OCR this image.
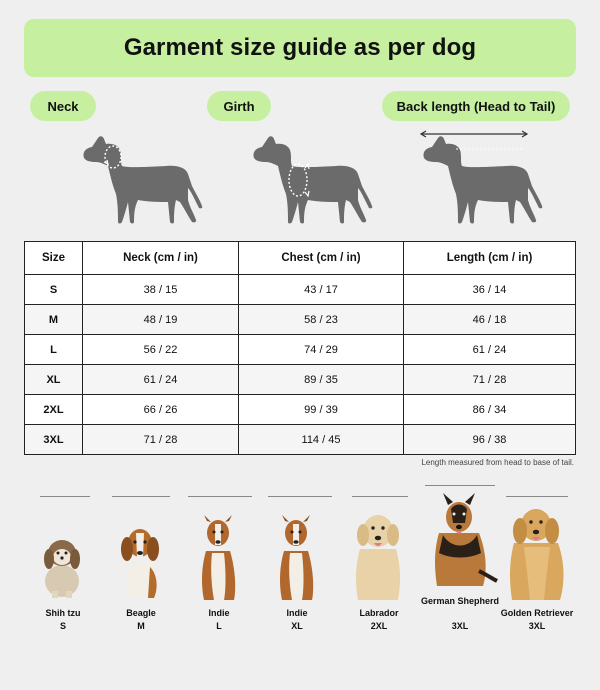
Garment size guide as per dog
Neck	Girth	Back length (Head to Tail)
Size	Neck (cm / in)	Chest (cm / in)	Length (cm / in)
S	38 / 15	43 / 17	36 / 14
M	48 / 19	58 / 23	46 / 18
L	56 / 22	74 / 29	61 / 24
XL	61 / 24	89 / 35	71 / 28
2XL	66 / 26	99 / 39	86 / 34
3XL	71 / 28	114 / 45	96 / 38
Length measured from head to base of tail.
Shih tzu
S
Beagle
M
Indie
L
Indie
XL
Labrador
2XL
German Shepherd
3XL
Golden Retriever
3XL
